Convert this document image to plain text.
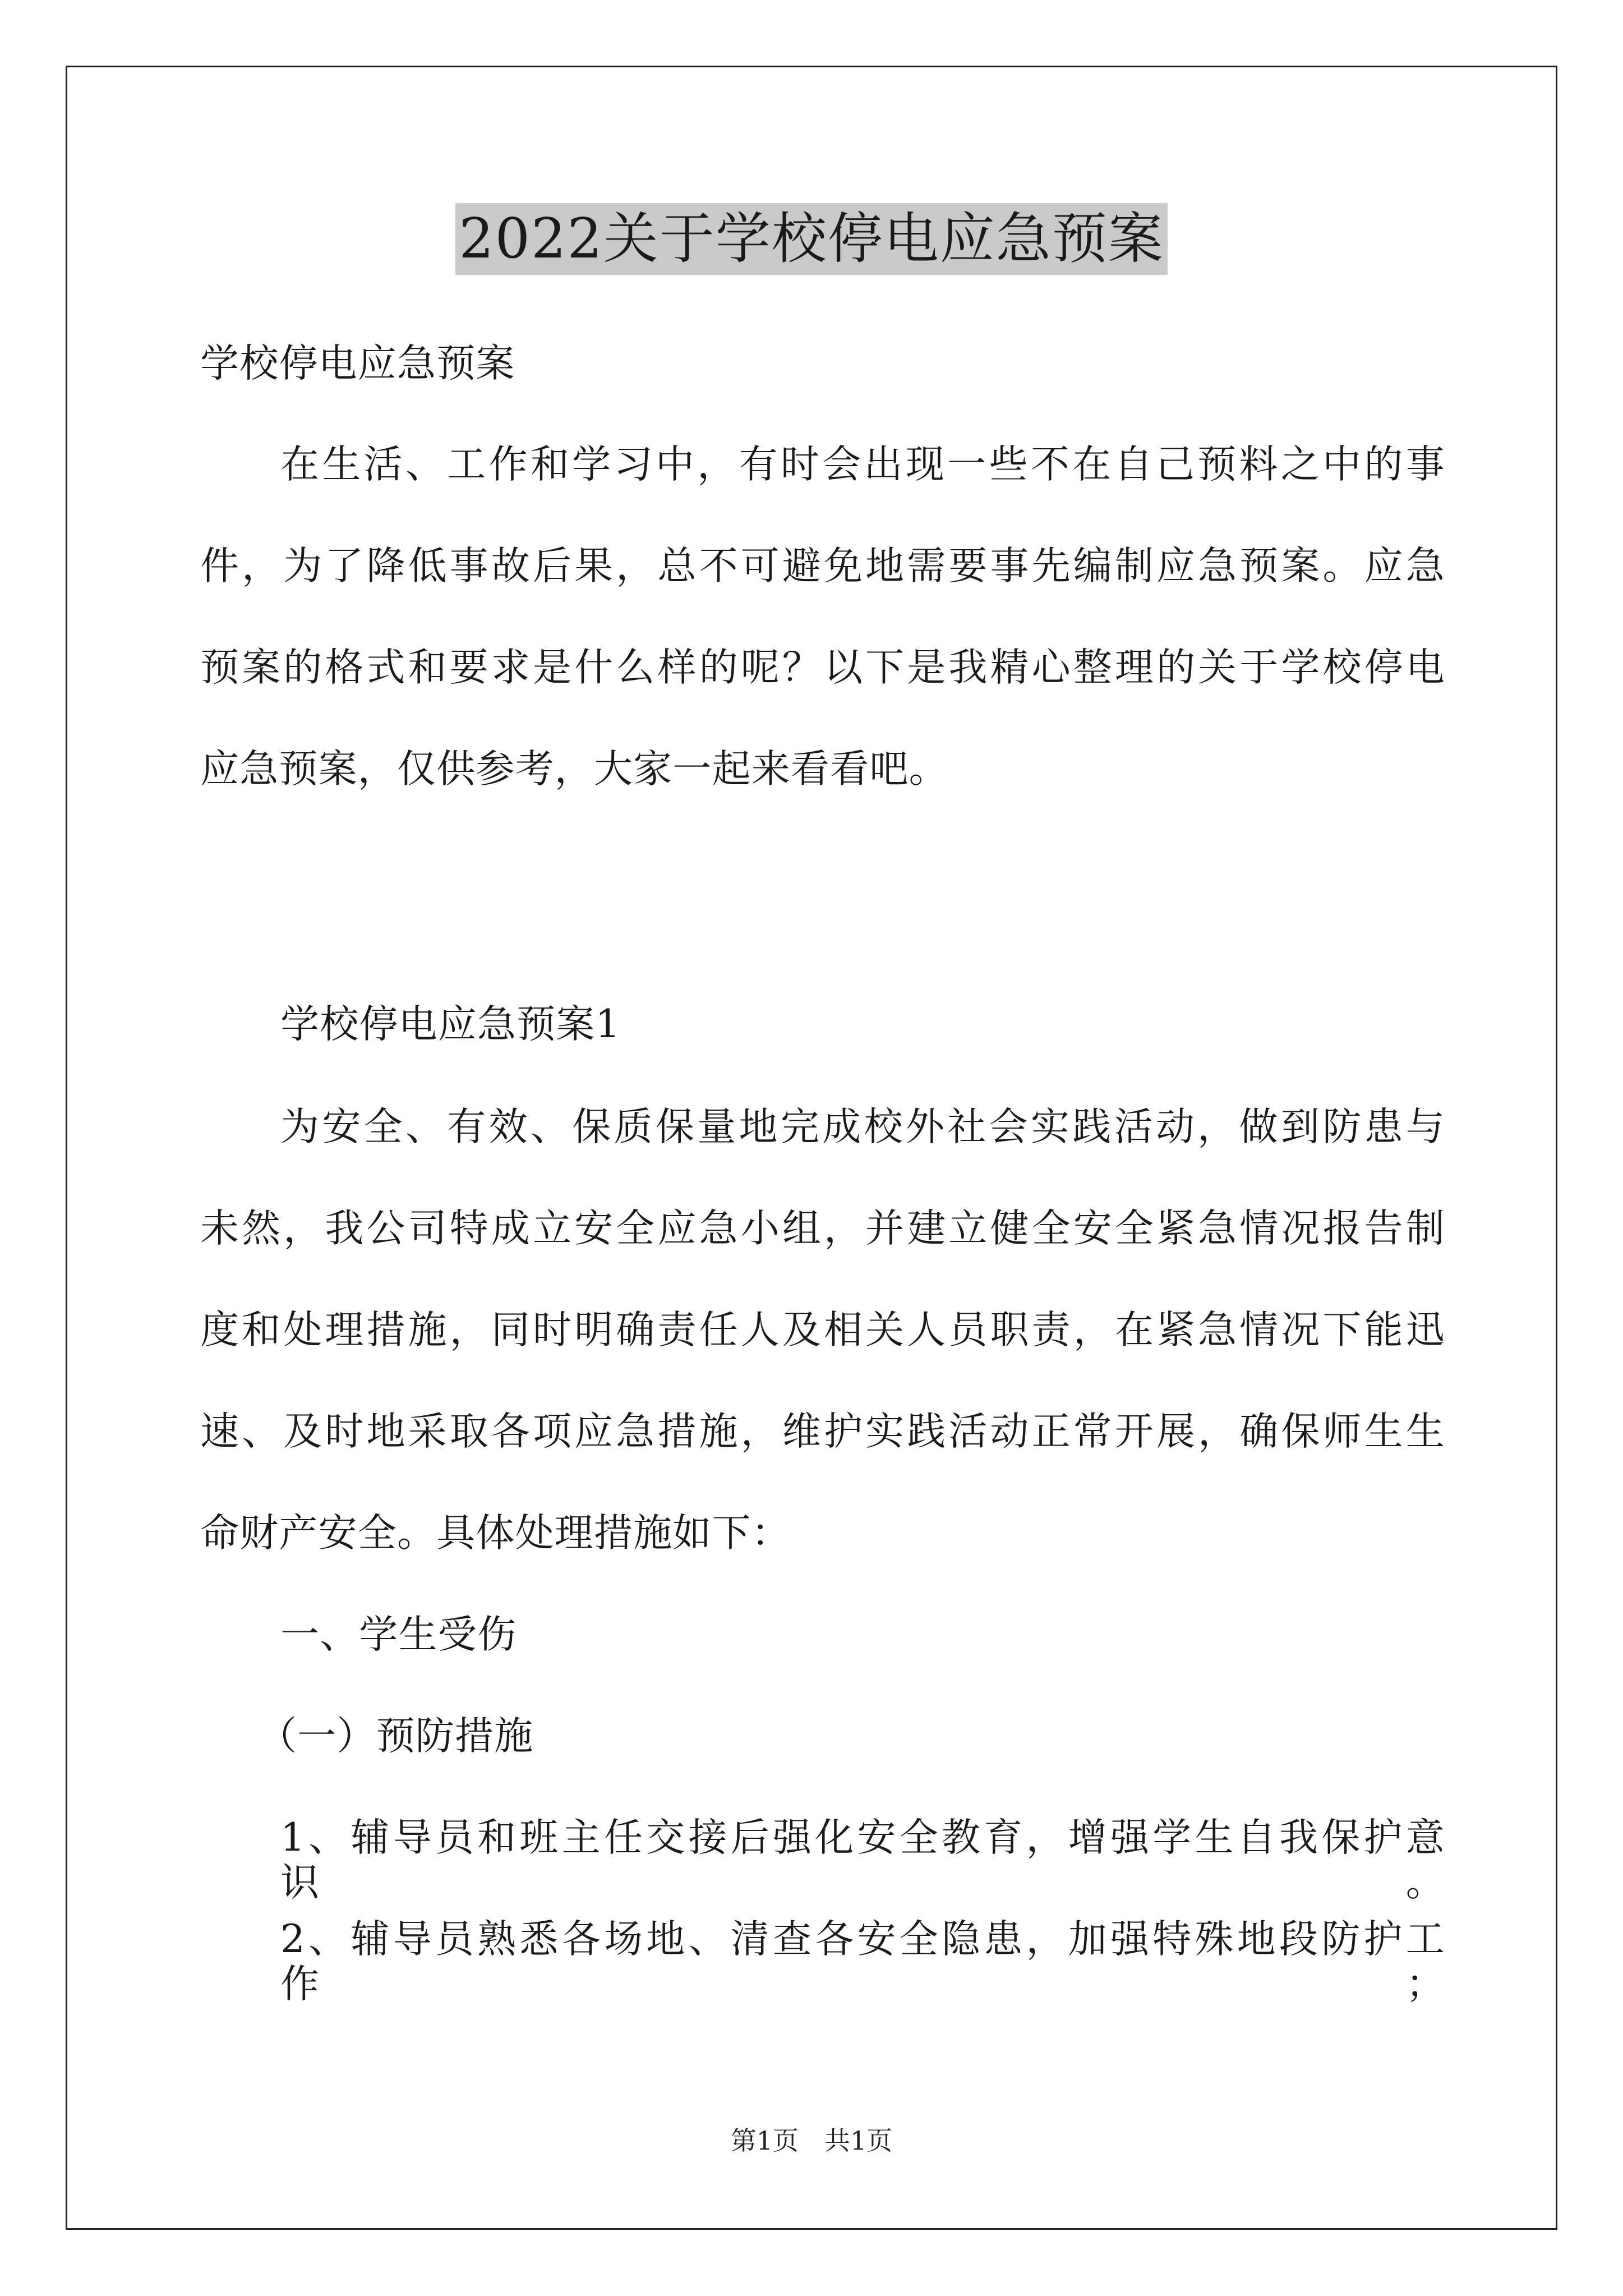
2022关于学校停电应急预案
学校停电应急预案
在生活、工作和学习中，有时会出现一些不在自己预料之中的事
件，为了降低事故后果，总不可避免地需要事先编制应急预案。应急
预案的格式和要求是什么样的呢？以下是我精心整理的关于学校停电
应急预案，仅供参考，大家一起来看看吧。
学校停电应急预案1
为安全、有效、保质保量地完成校外社会实践活动，做到防患与
未然，我公司特成立安全应急小组，并建立健全安全紧急情况报告制
度和处理措施，同时明确责任人及相关人员职责，在紧急情况下能迅
速、及时地采取各项应急措施，维护实践活动正常开展，确保师生生
命财产安全。具体处理措施如下：
一、学生受伤
（一）预防措施
1、辅导员和班主任交接后强化安全教育，增强学生自我保护意识。
2、辅导员熟悉各场地、清查各安全隐患，加强特殊地段防护工作；
第1页 共1页
